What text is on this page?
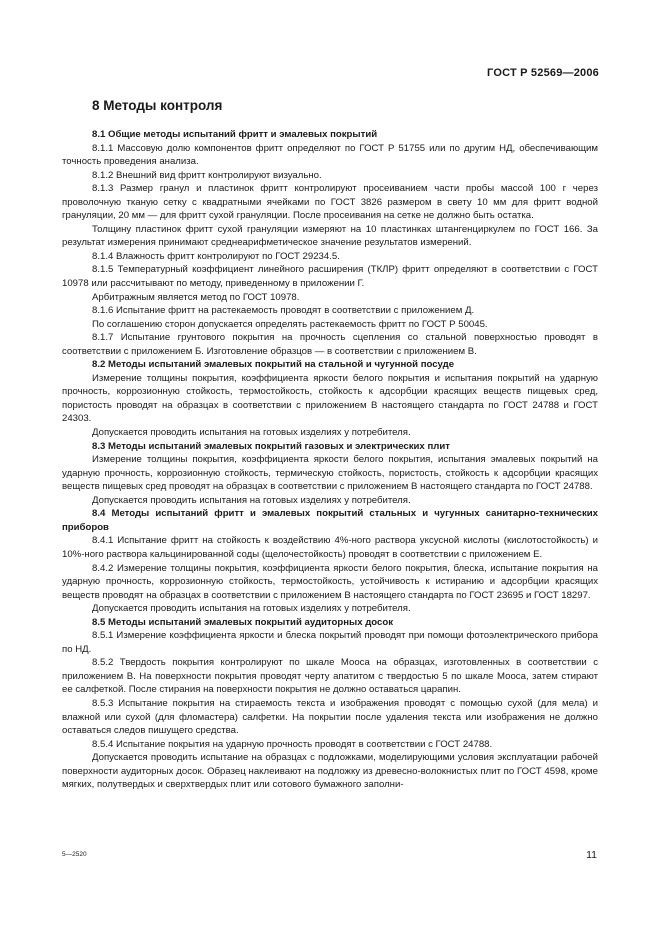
ГОСТ Р 52569—2006
8 Методы контроля

8.1 Общие методы испытаний фритт и эмалевых покрытий

8.1.1 Массовую долю компонентов фритт определяют по ГОСТ Р 51755 или по другим НД, обеспечивающим точность проведения анализа.

8.1.2 Внешний вид фритт контролируют визуально.

8.1.3 Размер гранул и пластинок фритт контролируют просеиванием части пробы массой 100 г через проволочную тканую сетку с квадратными ячейками по ГОСТ 3826 размером в свету 10 мм для фритт водной грануляции, 20 мм — для фритт сухой грануляции. После просеивания на сетке не должно быть остатка.

Толщину пластинок фритт сухой грануляции измеряют на 10 пластинках штангенциркулем по ГОСТ 166. За результат измерения принимают среднеарифметическое значение результатов измерений.

8.1.4 Влажность фритт контролируют по ГОСТ 29234.5.

8.1.5 Температурный коэффициент линейного расширения (ТКЛР) фритт определяют в соответствии с ГОСТ 10978 или рассчитывают по методу, приведенному в приложении Г.

Арбитражным является метод по ГОСТ 10978.

8.1.6 Испытание фритт на растекаемость проводят в соответствии с приложением Д.

По соглашению сторон допускается определять растекаемость фритт по ГОСТ Р 50045.

8.1.7 Испытание грунтового покрытия на прочность сцепления со стальной поверхностью проводят в соответствии с приложением Б. Изготовление образцов — в соответствии с приложением В.

8.2 Методы испытаний эмалевых покрытий на стальной и чугунной посуде

Измерение толщины покрытия, коэффициента яркости белого покрытия и испытания покрытий на ударную прочность, коррозионную стойкость, термостойкость, стойкость к адсорбции красящих веществ пищевых сред, пористость проводят на образцах в соответствии с приложением В настоящего стандарта по ГОСТ 24788 и ГОСТ 24303.

Допускается проводить испытания на готовых изделиях у потребителя.

8.3 Методы испытаний эмалевых покрытий газовых и электрических плит

Измерение толщины покрытия, коэффициента яркости белого покрытия, испытания эмалевых покрытий на ударную прочность, коррозионную стойкость, термическую стойкость, пористость, стойкость к адсорбции красящих веществ пищевых сред проводят на образцах в соответствии с приложением В настоящего стандарта по ГОСТ 24788.

Допускается проводить испытания на готовых изделиях у потребителя.

8.4 Методы испытаний фритт и эмалевых покрытий стальных и чугунных санитарно-технических приборов

8.4.1 Испытание фритт на стойкость к воздействию 4%-ного раствора уксусной кислоты (кислотостойкость) и 10%-ного раствора кальцинированной соды (щелочестойкость) проводят в соответствии с приложением Е.

8.4.2 Измерение толщины покрытия, коэффициента яркости белого покрытия, блеска, испытание покрытия на ударную прочность, коррозионную стойкость, термостойкость, устойчивость к истиранию и адсорбции красящих веществ проводят на образцах в соответствии с приложением В настоящего стандарта по ГОСТ 23695 и ГОСТ 18297.

Допускается проводить испытания на готовых изделиях у потребителя.

8.5 Методы испытаний эмалевых покрытий аудиторных досок

8.5.1 Измерение коэффициента яркости и блеска покрытий проводят при помощи фотоэлектрического прибора по НД.

8.5.2 Твердость покрытия контролируют по шкале Мооса на образцах, изготовленных в соответствии с приложением В. На поверхности покрытия проводят черту апатитом с твердостью 5 по шкале Мооса, затем стирают ее салфеткой. После стирания на поверхности покрытия не должно оставаться царапин.

8.5.3 Испытание покрытия на стираемость текста и изображения проводят с помощью сухой (для мела) и влажной или сухой (для фломастера) салфетки. На покрытии после удаления текста или изображения не должно оставаться следов пишущего средства.

8.5.4 Испытание покрытия на ударную прочность проводят в соответствии с ГОСТ 24788.

Допускается проводить испытание на образцах с подложками, моделирующими условия эксплуатации рабочей поверхности аудиторных досок. Образец наклеивают на подложку из древесно-волокнистых плит по ГОСТ 4598, кроме мягких, полутвердых и сверхтвердых плит или сотового бумажного заполни-

5—2520	11
